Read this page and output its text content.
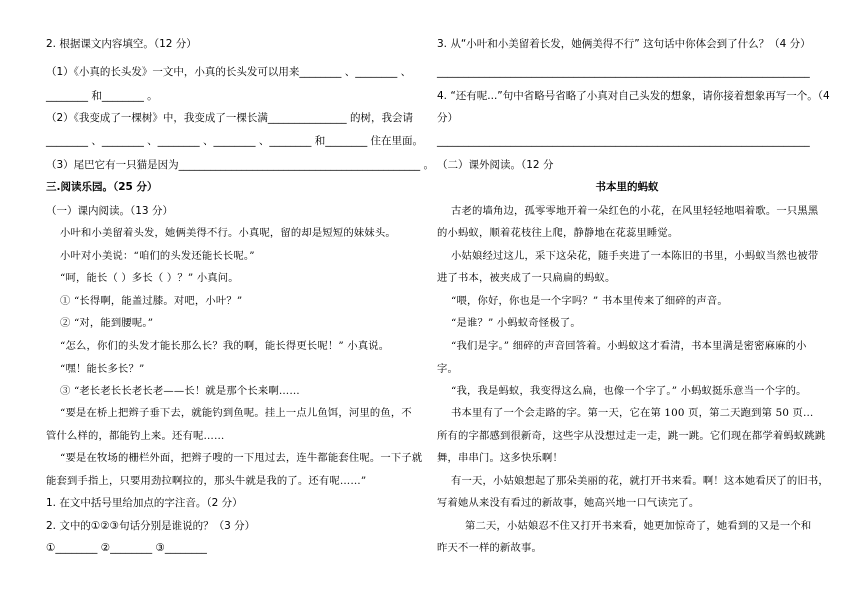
2. 根据课文内容填空。（12 分）
（1）《小真的长头发》一文中，小真的长头发可以用来________ 、________ 、
________ 和________ 。
（2）《我变成了一棵树》中，我变成了一棵长满_______________ 的树，我会请
________ 、________ 、________ 、________ 、________ 和________ 住在里面。
（3）尾巴它有一只猫是因为______________________________________________ 。
三.阅读乐园。（25 分）
（一）课内阅读。（13 分）
小叶和小美留着头发，她俩美得不行。小真呢，留的却是短短的妹妹头。
小叶对小美说：“咱们的头发还能长长呢。”
“呵，能长（ ）多长（ ）？” 小真问。
① “长得啊，能盖过膝。对吧，小叶？”
② “对，能到腰呢。”
“怎么，你们的头发才能长那么长？我的啊，能长得更长呢！” 小真说。
“嘿！能长多长？”
③ “老长老长长老长老——长！就是那个长来啊……
“要是在桥上把辫子垂下去，就能钓到鱼呢。挂上一点儿鱼饵，河里的鱼，不
管什么样的，都能钓上来。还有呢……
“要是在牧场的栅栏外面，把辫子嗖的一下甩过去，连牛都能套住呢。一下子就
能套到手指上，只要用劲拉啊拉的，那头牛就是我的了。还有呢……”
1. 在文中括号里给加点的字注音。（2 分）
2. 文中的①②③句话分别是谁说的？（3 分）
①________ ②________ ③________
3. 从“小叶和小美留着长发，她俩美得不行” 这句话中你体会到了什么？（4 分）
_______________________________________________________________________
4. “还有呢...”句中省略号省略了小真对自己头发的想象，请你接着想象再写一个。（4
分）
_______________________________________________________________________
（二）课外阅读。（12 分
书本里的蚂蚁
古老的墙角边，孤零零地开着一朵红色的小花，在风里轻轻地唱着歌。一只黑黑
的小蚂蚁，顺着花枝往上爬，静静地在花蕊里睡觉。
小姑娘经过这儿，采下这朵花，随手夹进了一本陈旧的书里，小蚂蚁当然也被带
进了书本，被夹成了一只扁扁的蚂蚁。
“喂，你好，你也是一个字吗？” 书本里传来了细碎的声音。
“是谁？” 小蚂蚁奇怪极了。
“我们是字。” 细碎的声音回答着。小蚂蚁这才看清，书本里满是密密麻麻的小
字。
“我，我是蚂蚁，我变得这么扁，也像一个字了。” 小蚂蚁挺乐意当一个字的。
书本里有了一个会走路的字。第一天，它在第 100 页，第二天跑到第 50 页…
所有的字都感到很新奇，这些字从没想过走一走，跳一跳。它们现在都学着蚂蚁跳跳
舞，串串门。这多快乐啊！
有一天，小姑娘想起了那朵美丽的花，就打开书来看。啊！这本她看厌了的旧书，
写着她从来没有看过的新故事，她高兴地一口气读完了。
第二天，小姑娘忍不住又打开书来看，她更加惊奇了，她看到的又是一个和
昨天不一样的新故事。
